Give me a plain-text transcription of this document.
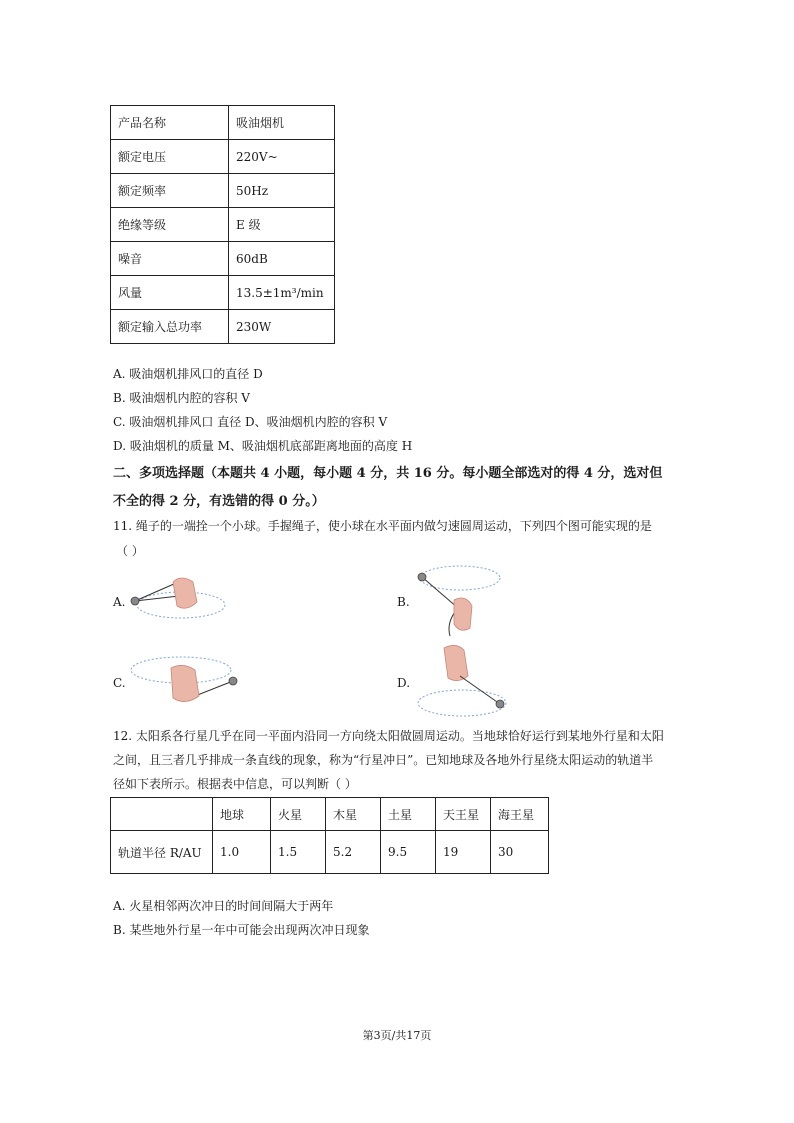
产品名称	吸油烟机
额定电压	220V~
额定频率	50Hz
绝缘等级	E 级
噪音	60dB
风量	13.5±1m³/min
额定输入总功率	230W
A. 吸油烟机排风口的直径 D
B. 吸油烟机内腔的容积 V
C. 吸油烟机排风口 直径 D、吸油烟机内腔的容积 V
D. 吸油烟机的质量 M、吸油烟机底部距离地面的高度 H
二、多项选择题（本题共 4 小题，每小题 4 分，共 16 分。每小题全部选对的得 4 分，选对但
不全的得 2 分，有选错的得 0 分。）
11. 绳子的一端拴一个小球。手握绳子，使小球在水平面内做匀速圆周运动，下列四个图可能实现的是
（ ）
A.	B.
C.	D.
12. 太阳系各行星几乎在同一平面内沿同一方向绕太阳做圆周运动。当地球恰好运行到某地外行星和太阳
之间，且三者几乎排成一条直线的现象，称为“行星冲日”。已知地球及各地外行星绕太阳运动的轨道半
径如下表所示。根据表中信息，可以判断（ ）
	地球	火星	木星	土星	天王星	海王星
轨道半径 R/AU	1.0	1.5	5.2	9.5	19	30
A. 火星相邻两次冲日的时间间隔大于两年
B. 某些地外行星一年中可能会出现两次冲日现象
第3页/共17页
